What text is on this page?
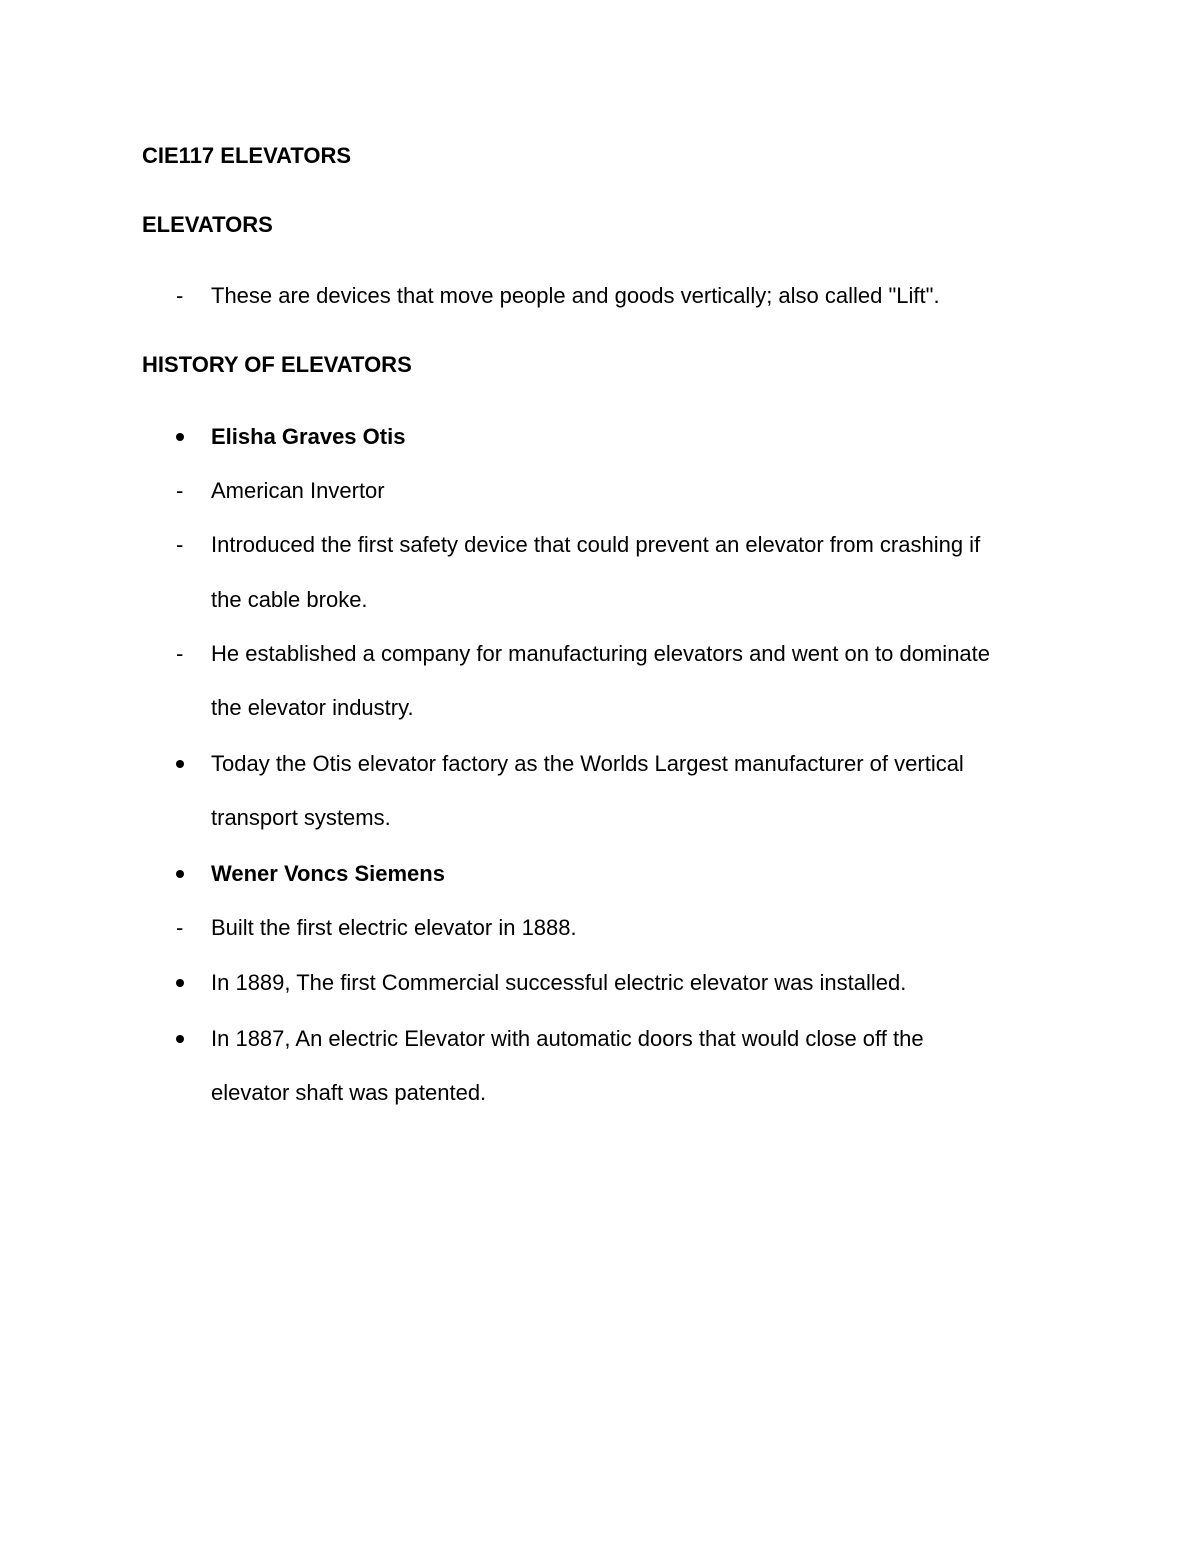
CIE117 ELEVATORS
ELEVATORS
- These are devices that move people and goods vertically; also called "Lift".
HISTORY OF ELEVATORS
Elisha Graves Otis
- American Invertor
- Introduced the first safety device that could prevent an elevator from crashing if
the cable broke.
- He established a company for manufacturing elevators and went on to dominate
the elevator industry.
Today the Otis elevator factory as the Worlds Largest manufacturer of vertical
transport systems.
Wener Voncs Siemens
- Built the first electric elevator in 1888.
In 1889, The first Commercial successful electric elevator was installed.
In 1887, An electric Elevator with automatic doors that would close off the
elevator shaft was patented.
